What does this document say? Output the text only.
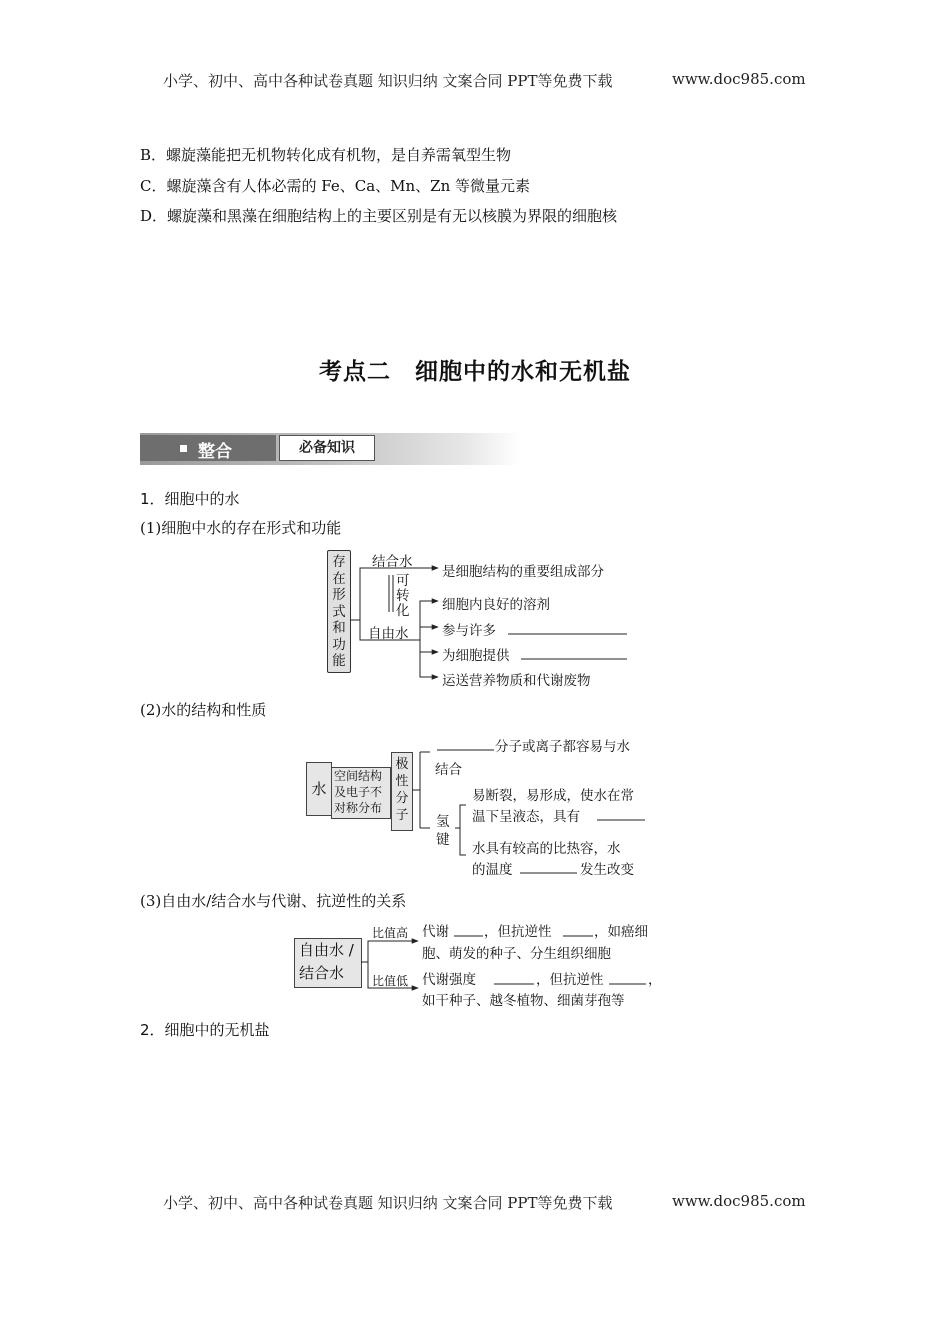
小学、初中、高中各种试卷真题 知识归纳 文案合同 PPT等免费下载	www.doc985.com
B．螺旋藻能把无机物转化成有机物，是自养需氧型生物
C．螺旋藻含有人体必需的 Fe、Ca、Mn、Zn 等微量元素
D．螺旋藻和黑藻在细胞结构上的主要区别是有无以核膜为界限的细胞核
考点二　细胞中的水和无机盐
整合	必备知识
1．细胞中的水
(1)细胞中水的存在形式和功能
存在形式和功能
结合水
自由水
可转化
是细胞结构的重要组成部分
细胞内良好的溶剂
参与许多
为细胞提供
运送营养物质和代谢废物
(2)水的结构和性质
水
空间结构
及电子不
对称分布
极性分子
分子或离子都容易与水
结合
氢键
易断裂，易形成，使水在常
温下呈液态，具有
水具有较高的比热容，水
的温度	发生改变
(3)自由水/结合水与代谢、抗逆性的关系
自由水 /
结合水
比值高
比值低
代谢	，但抗逆性	，如癌细
胞、萌发的种子、分生组织细胞
代谢强度	，但抗逆性	，
如干种子、越冬植物、细菌芽孢等
2．细胞中的无机盐
小学、初中、高中各种试卷真题 知识归纳 文案合同 PPT等免费下载	www.doc985.com
